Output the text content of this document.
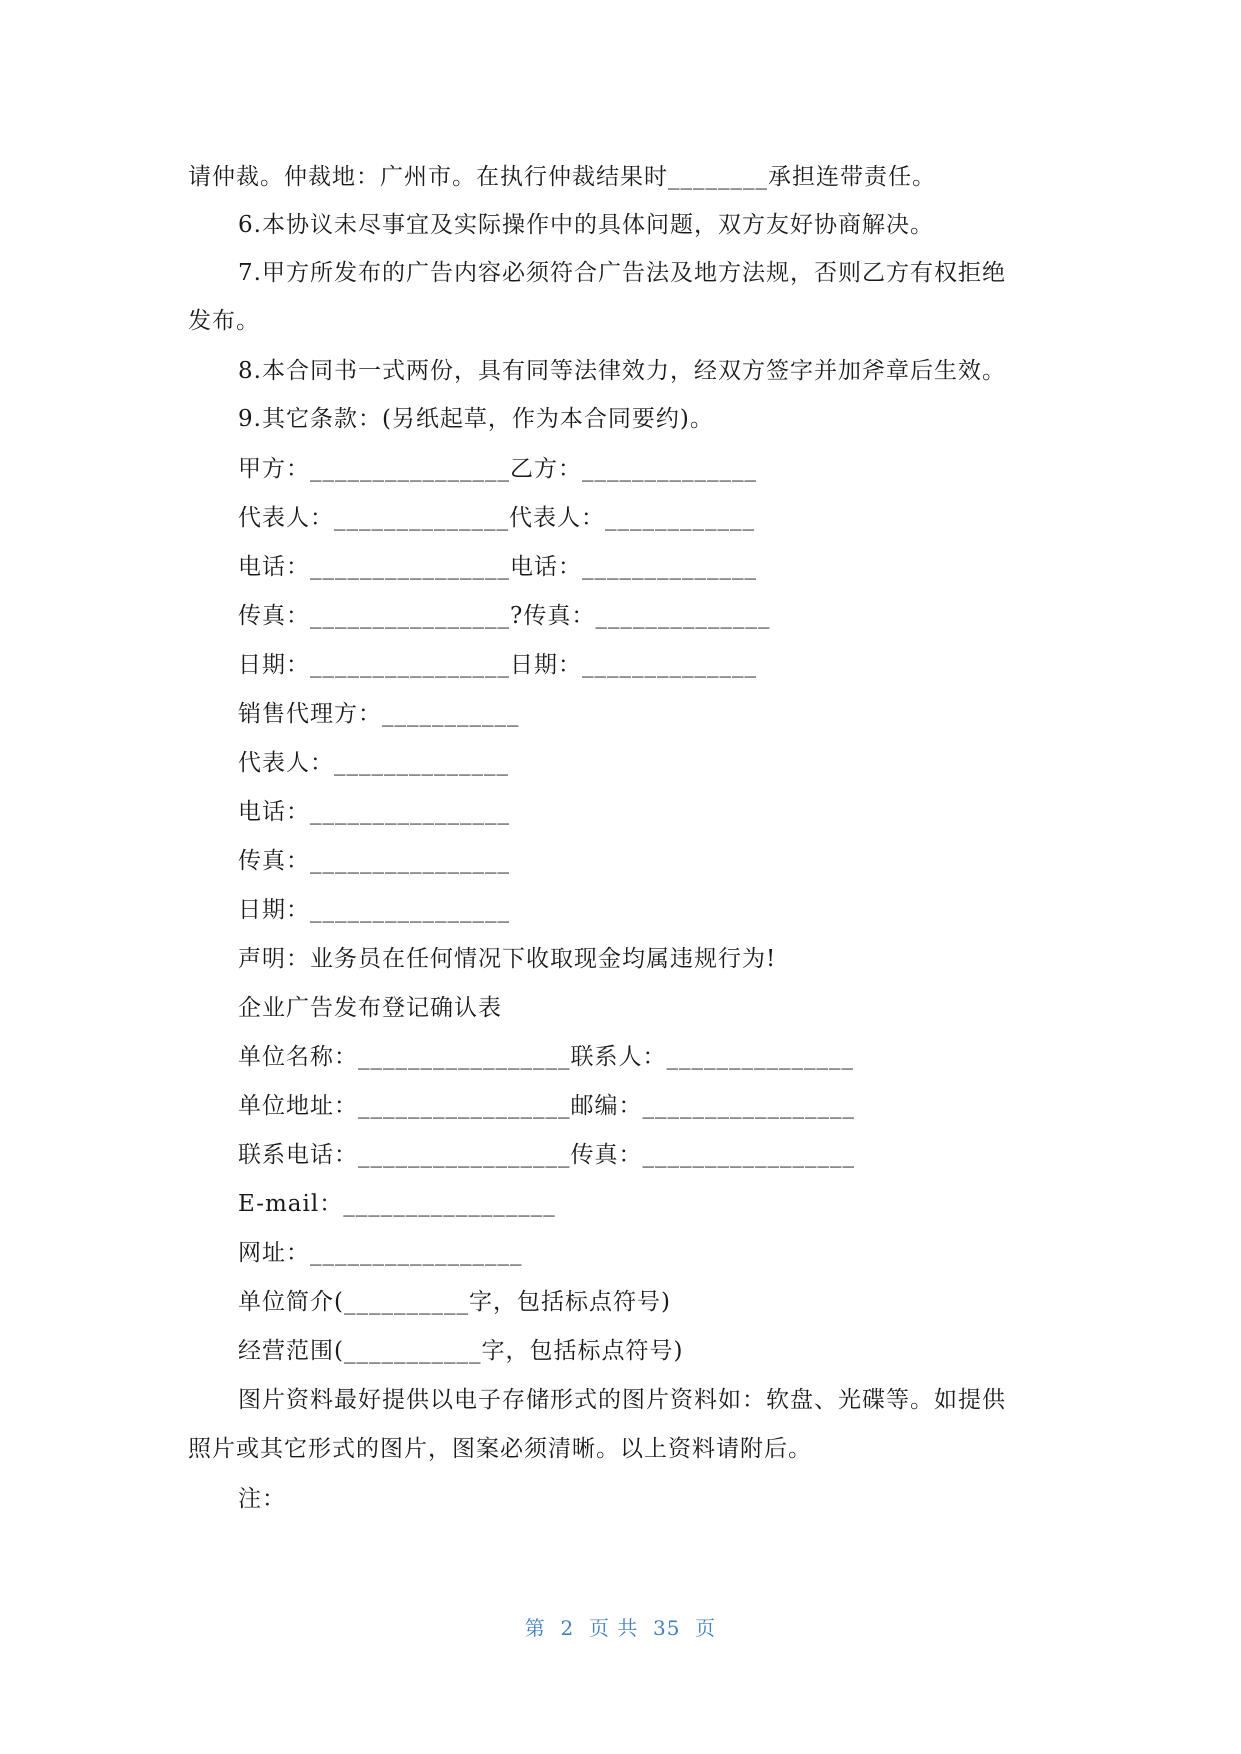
请仲裁。仲裁地：广州市。在执行仲裁结果时________承担连带责任。
6.本协议未尽事宜及实际操作中的具体问题，双方友好协商解决。
7.甲方所发布的广告内容必须符合广告法及地方法规，否则乙方有权拒绝
发布。
8.本合同书一式两份，具有同等法律效力，经双方签字并加斧章后生效。
9.其它条款：(另纸起草，作为本合同要约)。
甲方：________________乙方：______________
代表人：______________代表人：____________
电话：________________电话：______________
传真：________________?传真：______________
日期：________________日期：______________
销售代理方：___________
代表人：______________
电话：________________
传真：________________
日期：________________
声明：业务员在任何情况下收取现金均属违规行为!
企业广告发布登记确认表
单位名称：_________________联系人：_______________
单位地址：_________________邮编：_________________
联系电话：_________________传真：_________________
E-mail：_________________
网址：_________________
单位简介(__________字，包括标点符号)
经营范围(___________字，包括标点符号)
图片资料最好提供以电子存储形式的图片资料如：软盘、光碟等。如提供
照片或其它形式的图片，图案必须清晰。以上资料请附后。
注：
第  2  页 共  35  页
